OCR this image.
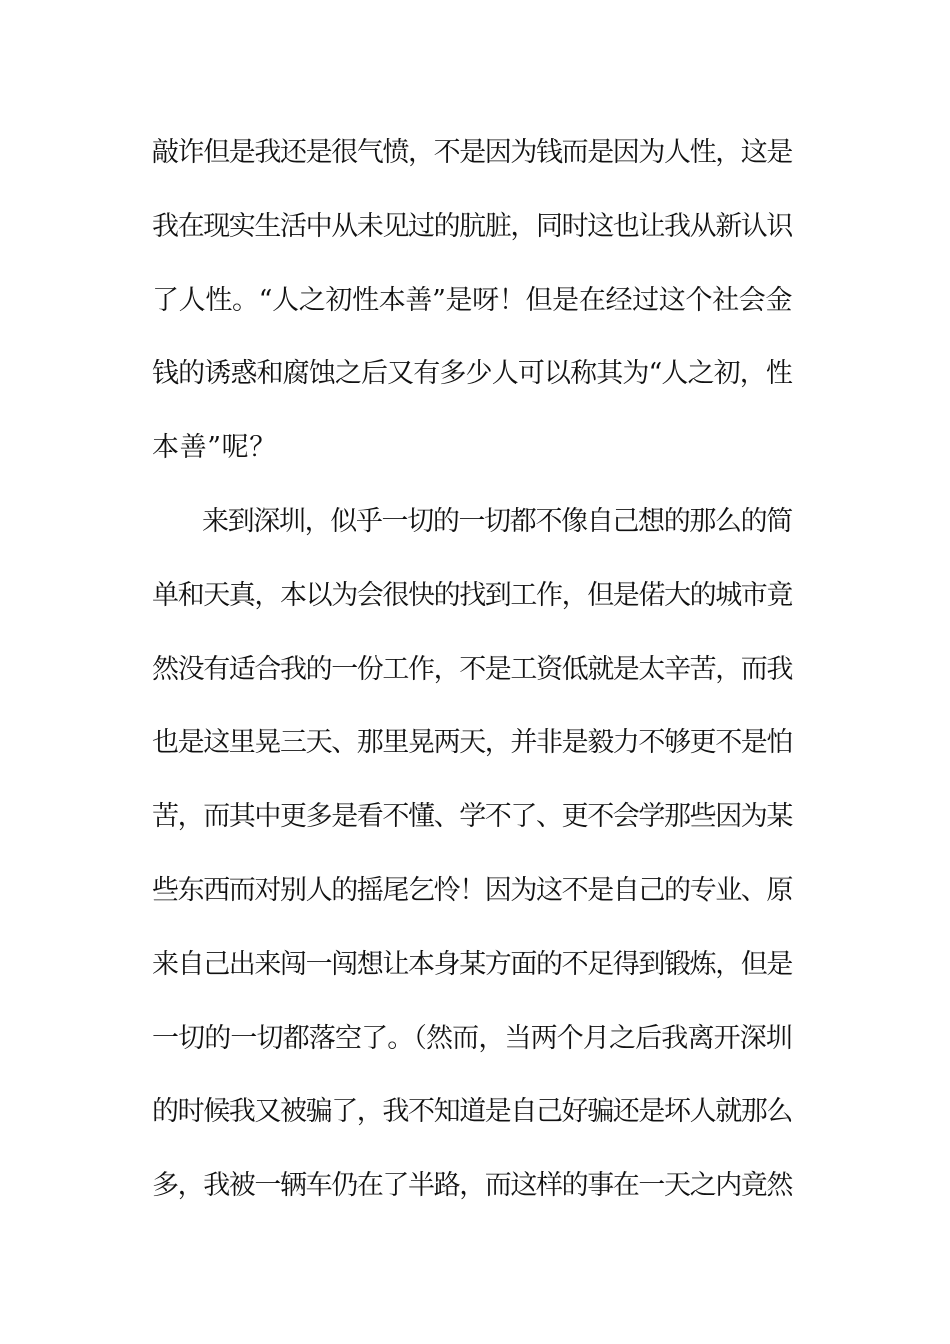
敲诈但是我还是很气愤，不是因为钱而是因为人性，这是
我在现实生活中从未见过的肮脏，同时这也让我从新认识
了人性。“人之初性本善”是呀！但是在经过这个社会金
钱的诱惑和腐蚀之后又有多少人可以称其为“人之初，性
本善”呢？
来到深圳，似乎一切的一切都不像自己想的那么的简
单和天真，本以为会很快的找到工作，但是偌大的城市竟
然没有适合我的一份工作，不是工资低就是太辛苦，而我
也是这里晃三天、那里晃两天，并非是毅力不够更不是怕
苦，而其中更多是看不懂、学不了、更不会学那些因为某
些东西而对别人的摇尾乞怜！因为这不是自己的专业、原
来自己出来闯一闯想让本身某方面的不足得到锻炼，但是
一切的一切都落空了。（然而，当两个月之后我离开深圳
的时候我又被骗了，我不知道是自己好骗还是坏人就那么
多，我被一辆车仍在了半路，而这样的事在一天之内竟然
